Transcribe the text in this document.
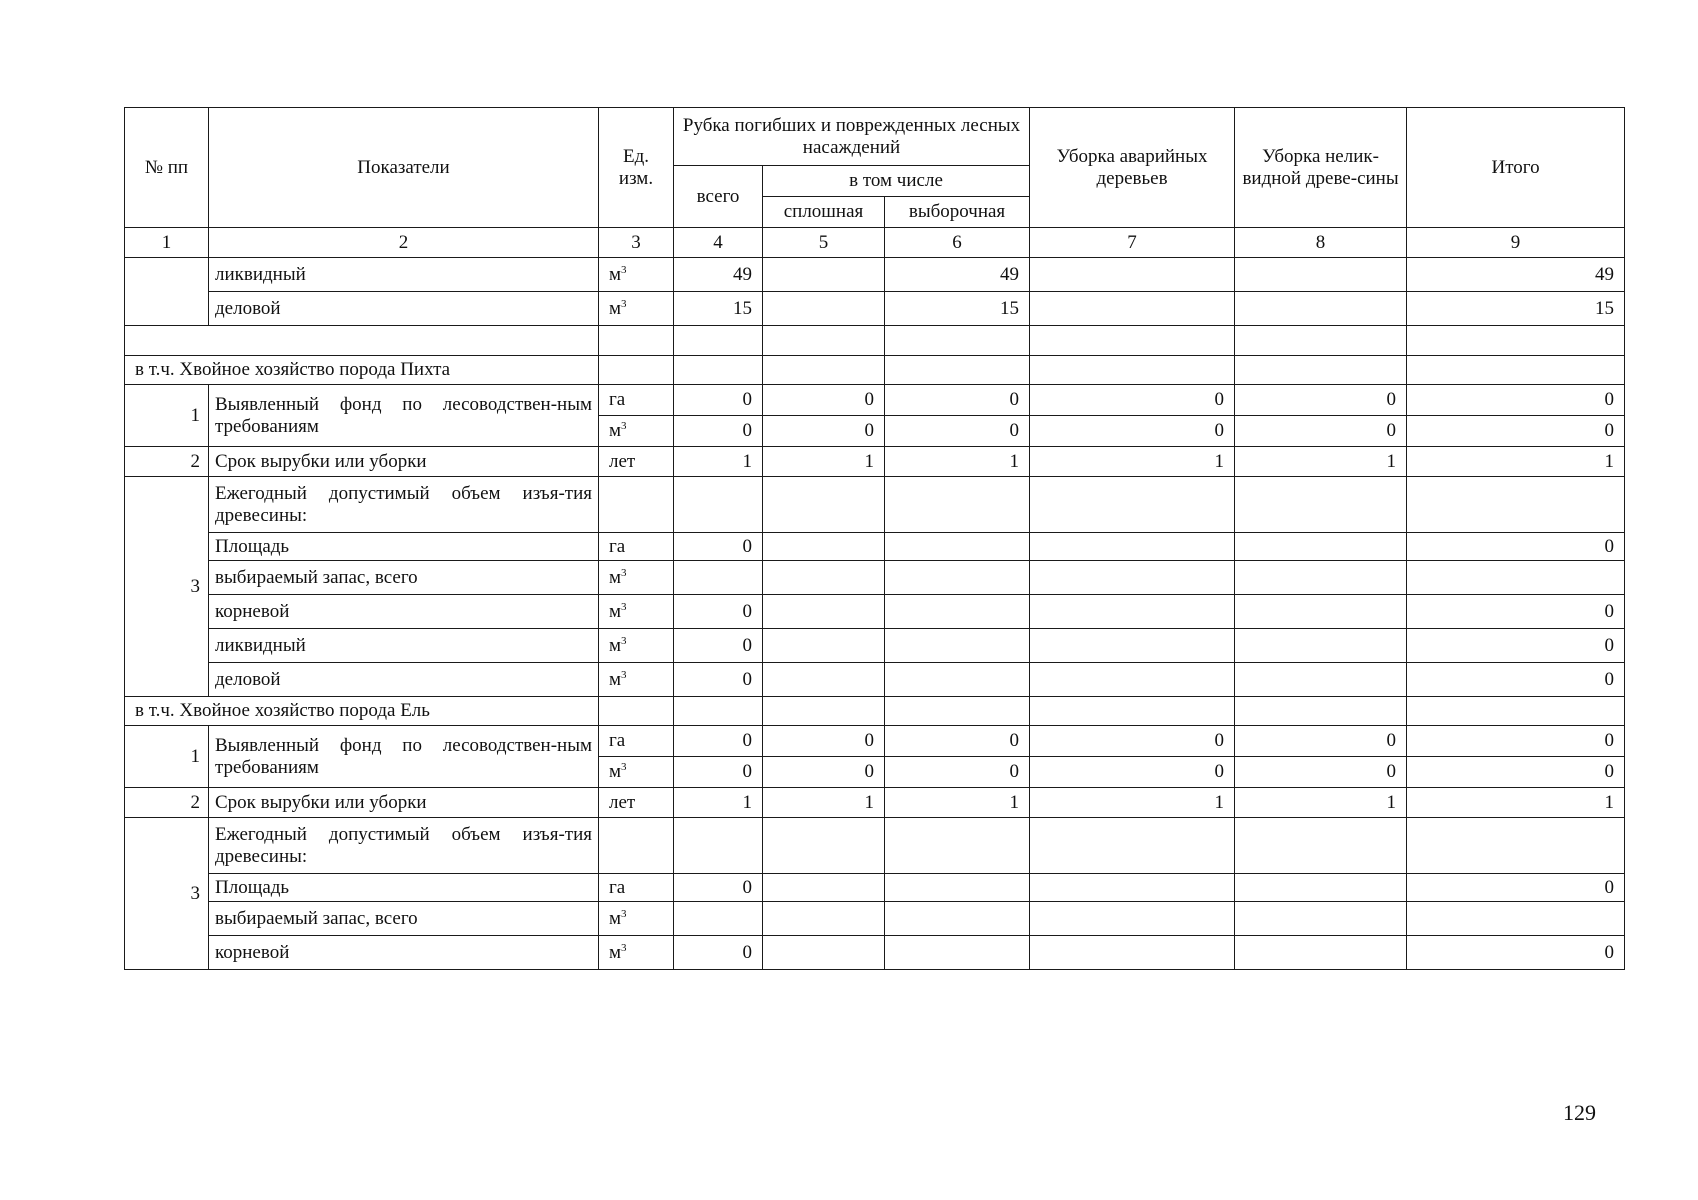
№ пп	Показатели	Ед. изм.	Рубка погибших и поврежденных лесных насаждений			Уборка аварийных деревьев	Уборка нелик-видной древе-сины	Итого
			всего	в том числе				
				сплошная	выборочная			
1	2	3	4	5	6	7	8	9
	ликвидный	$м^3$	49		49			49
	деловой	$м^3$	15		15			15

в т.ч. Хвойное хозяйство порода Пихта								
1	Выявленный фонд по лесоводствен-ным требованиям	га	0	0	0	0	0	0
		$м^3$	0	0	0	0	0	0
2	Срок вырубки или уборки	лет	1	1	1	1	1	1
3	Ежегодный допустимый объем изъя-тия древесины:							
	Площадь	га	0					0
	выбираемый запас, всего	$м^3$						
	корневой	$м^3$	0					0
	ликвидный	$м^3$	0					0
	деловой	$м^3$	0					0
в т.ч. Хвойное хозяйство порода Ель								
1	Выявленный фонд по лесоводствен-ным требованиям	га	0	0	0	0	0	0
		$м^3$	0	0	0	0	0	0
2	Срок вырубки или уборки	лет	1	1	1	1	1	1
3	Ежегодный допустимый объем изъя-тия древесины:							
	Площадь	га	0					0
	выбираемый запас, всего	$м^3$						
	корневой	$м^3$	0					0
129
